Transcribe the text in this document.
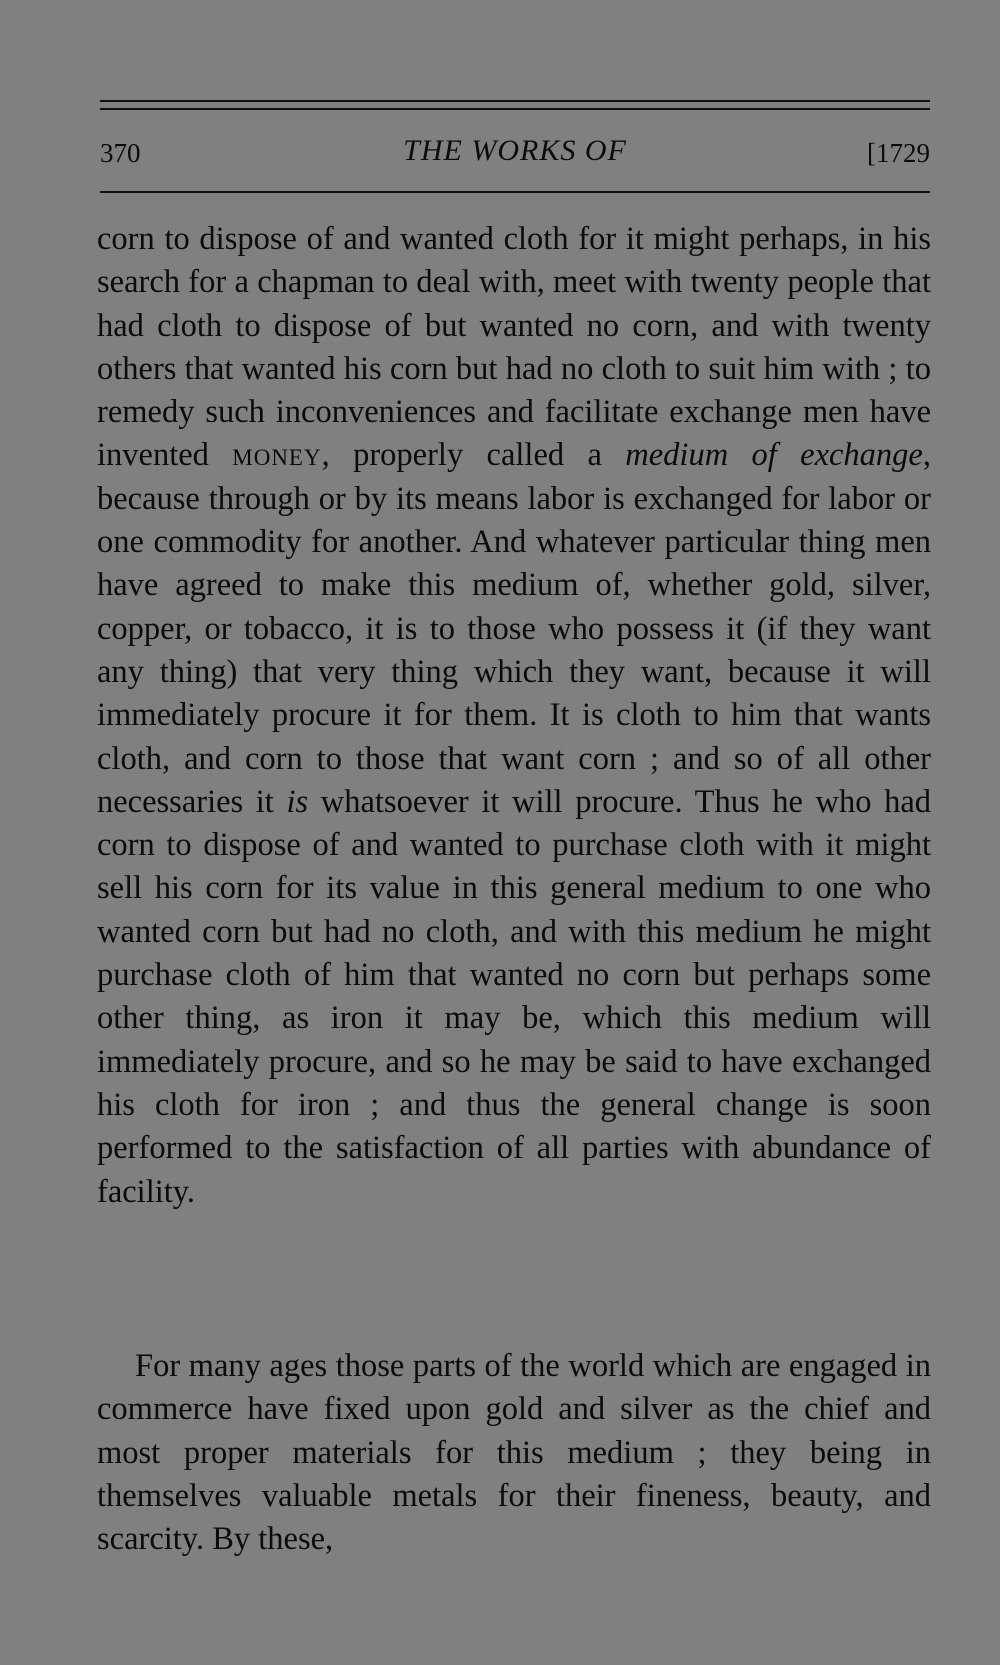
370	THE WORKS OF	[1729

corn to dispose of and wanted cloth for it might perhaps, in his search for a chapman to deal with, meet with twenty people that had cloth to dispose of but wanted no corn, and with twenty others that wanted his corn but had no cloth to suit him with ; to remedy such inconveniences and facilitate exchange men have invented money, properly called a medium of exchange, because through or by its means labor is exchanged for labor or one commodity for another. And whatever particular thing men have agreed to make this medium of, whether gold, silver, copper, or tobacco, it is to those who possess it (if they want any thing) that very thing which they want, because it will immediately procure it for them. It is cloth to him that wants cloth, and corn to those that want corn ; and so of all other necessaries it is whatsoever it will procure. Thus he who had corn to dispose of and wanted to purchase cloth with it might sell his corn for its value in this general medium to one who wanted corn but had no cloth, and with this medium he might purchase cloth of him that wanted no corn but perhaps some other thing, as iron it may be, which this medium will immediately procure, and so he may be said to have exchanged his cloth for iron ; and thus the general change is soon performed to the satisfaction of all parties with abundance of facility.

For many ages those parts of the world which are engaged in commerce have fixed upon gold and silver as the chief and most proper materials for this medium ; they being in themselves valuable metals for their fineness, beauty, and scarcity. By these,
